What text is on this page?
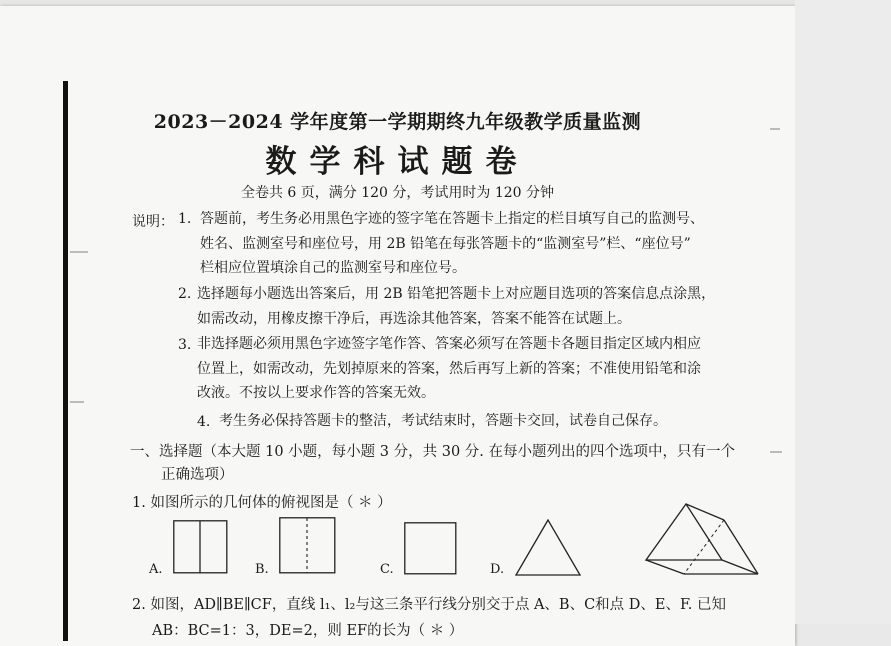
2023－2024 学年度第一学期期终九年级教学质量监测
数学科试题卷
全卷共 6 页，满分 120 分，考试用时为 120 分钟
说明： 1. 答题前，考生务必用黑色字迹的签字笔在答题卡上指定的栏目填写自己的监测号、
姓名、监测室号和座位号，用 2B 铅笔在每张答题卡的“监测室号”栏、“座位号”
栏相应位置填涂自己的监测室号和座位号。
2. 选择题每小题选出答案后，用 2B 铅笔把答题卡上对应题目选项的答案信息点涂黑，
如需改动，用橡皮擦干净后，再选涂其他答案，答案不能答在试题上。
3. 非选择题必须用黑色字迹签字笔作答、答案必须写在答题卡各题目指定区域内相应
位置上，如需改动，先划掉原来的答案，然后再写上新的答案；不准使用铅笔和涂
改液。不按以上要求作答的答案无效。
4. 考生务必保持答题卡的整洁，考试结束时，答题卡交回，试卷自己保存。
一、选择题（本大题 10 小题，每小题 3 分，共 30 分. 在每小题列出的四个选项中，只有一个
正确选项）
1. 如图所示的几何体的俯视图是（ ＊ ）
A.	B.	C.	D.
2. 如图，AD∥BE∥CF，直线 l₁、l₂与这三条平行线分别交于点 A、B、C和点 D、E、F. 已知
AB：BC=1：3，DE=2，则 EF的长为（ ＊ ）
